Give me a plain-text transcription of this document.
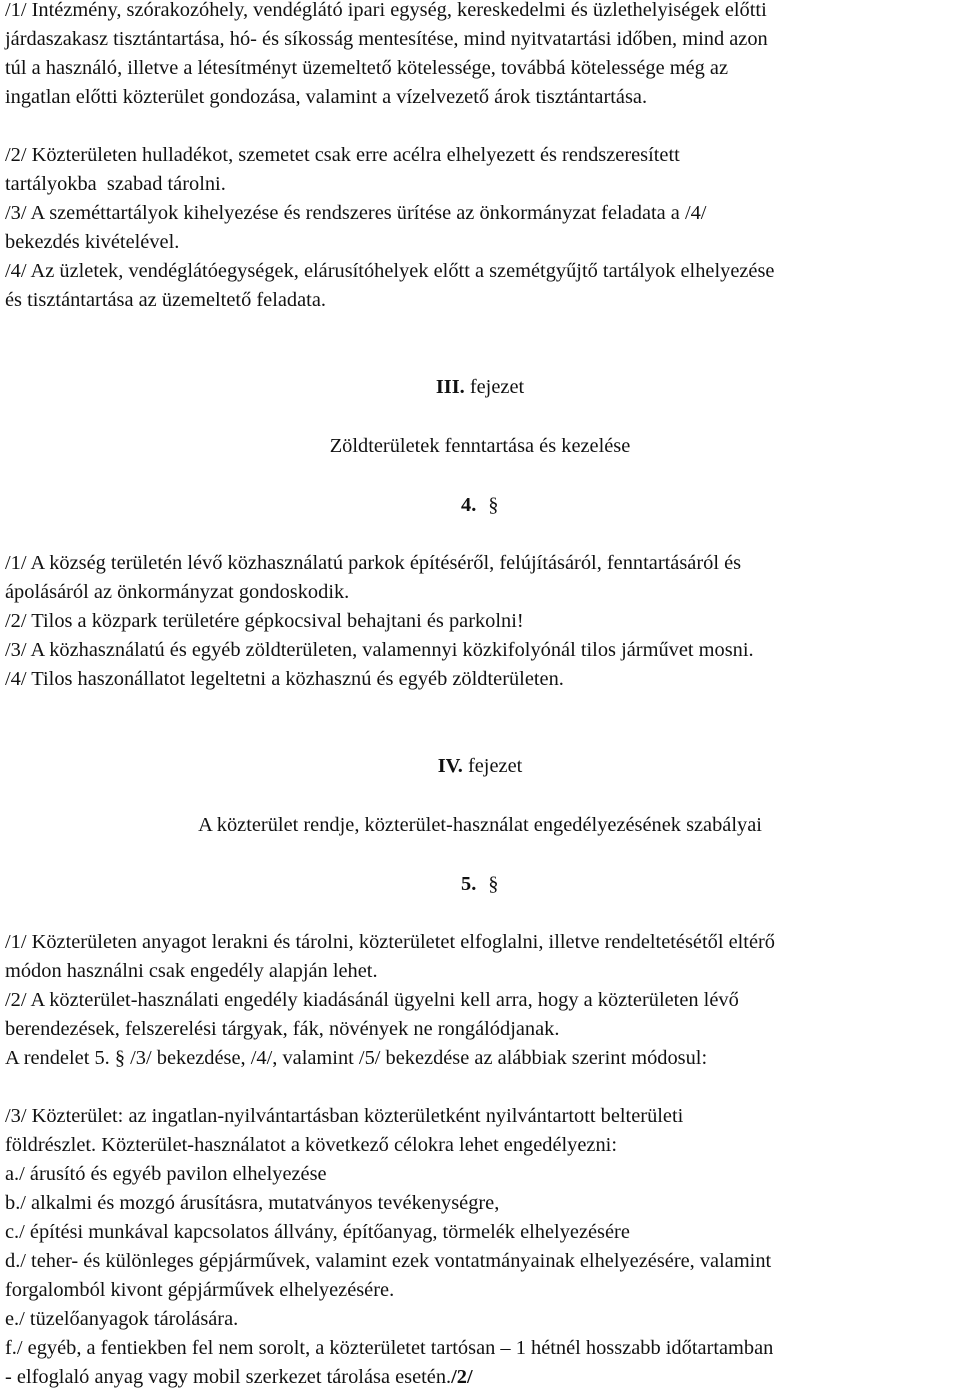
/1/ Intézmény, szórakozóhely, vendéglátó ipari egység, kereskedelmi és üzlethelyiségek előtti
járdaszakasz tisztántartása, hó- és síkosság mentesítése, mind nyitvatartási időben, mind azon
túl a használó, illetve a létesítményt üzemeltető kötelessége, továbbá kötelessége még az
ingatlan előtti közterület gondozása, valamint a vízelvezető árok tisztántartása.
/2/ Közterületen hulladékot, szemetet csak erre acélra elhelyezett és rendszeresített
tartályokba  szabad tárolni.
/3/ A szeméttartályok kihelyezése és rendszeres ürítése az önkormányzat feladata a /4/
bekezdés kivételével.
/4/ Az üzletek, vendéglátóegységek, elárusítóhelyek előtt a szemétgyűjtő tartályok elhelyezése
és tisztántartása az üzemeltető feladata.
III. fejezet
Zöldterületek fenntartása és kezelése
4. §
/1/ A község területén lévő közhasználatú parkok építéséről, felújításáról, fenntartásáról és
ápolásáról az önkormányzat gondoskodik.
/2/ Tilos a közpark területére gépkocsival behajtani és parkolni!
/3/ A közhasználatú és egyéb zöldterületen, valamennyi közkifolyónál tilos járművet mosni.
/4/ Tilos haszonállatot legeltetni a közhasznú és egyéb zöldterületen.
IV. fejezet
A közterület rendje, közterület-használat engedélyezésének szabályai
5. §
/1/ Közterületen anyagot lerakni és tárolni, közterületet elfoglalni, illetve rendeltetésétől eltérő
módon használni csak engedély alapján lehet.
/2/ A közterület-használati engedély kiadásánál ügyelni kell arra, hogy a közterületen lévő
berendezések, felszerelési tárgyak, fák, növények ne rongálódjanak.
A rendelet 5. § /3/ bekezdése, /4/, valamint /5/ bekezdése az alábbiak szerint módosul:
/3/ Közterület: az ingatlan-nyilvántartásban közterületként nyilvántartott belterületi
földrészlet. Közterület-használatot a következő célokra lehet engedélyezni:
a./ árusító és egyéb pavilon elhelyezése
b./ alkalmi és mozgó árusításra, mutatványos tevékenységre,
c./ építési munkával kapcsolatos állvány, építőanyag, törmelék elhelyezésére
d./ teher- és különleges gépjárművek, valamint ezek vontatmányainak elhelyezésére, valamint
forgalomból kivont gépjárművek elhelyezésére.
e./ tüzelőanyagok tárolására.
f./ egyéb, a fentiekben fel nem sorolt, a közterületet tartósan – 1 hétnél hosszabb időtartamban
- elfoglaló anyag vagy mobil szerkezet tárolása esetén./2/
